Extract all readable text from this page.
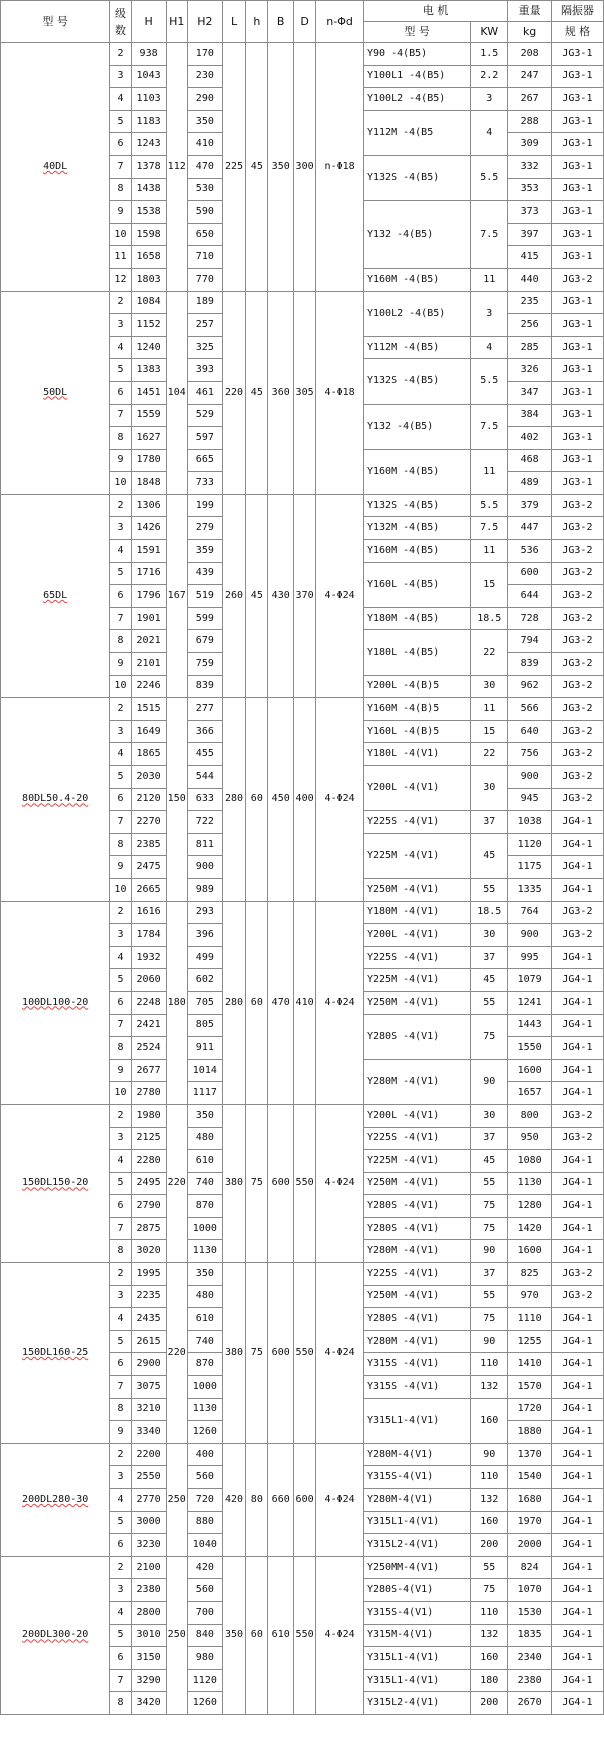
型 号	级数	H	H1	H2	L	h	B	D	n-Φd	电 机		重量	隔振器
										型 号	KW	kg	规 格
40DL	2	938	112	170	225	45	350	300	n-Φ18	Y90 -4(B5)	1.5	208	JG3-1
	3	1043		230						Y100L1 -4(B5)	2.2	247	JG3-1
	4	1103		290						Y100L2 -4(B5)	3	267	JG3-1
	5	1183		350						Y112M -4(B5	4	288	JG3-1
	6	1243		410								309	JG3-1
	7	1378		470						Y132S -4(B5)	5.5	332	JG3-1
	8	1438		530								353	JG3-1
	9	1538		590						Y132 -4(B5)	7.5	373	JG3-1
	10	1598		650								397	JG3-1
	11	1658		710								415	JG3-1
	12	1803		770						Y160M -4(B5)	11	440	JG3-2
50DL	2	1084	104	189	220	45	360	305	4-Φ18	Y100L2 -4(B5)	3	235	JG3-1
	3	1152		257								256	JG3-1
	4	1240		325						Y112M -4(B5)	4	285	JG3-1
	5	1383		393						Y132S -4(B5)	5.5	326	JG3-1
	6	1451		461								347	JG3-1
	7	1559		529						Y132 -4(B5)	7.5	384	JG3-1
	8	1627		597								402	JG3-1
	9	1780		665						Y160M -4(B5)	11	468	JG3-1
	10	1848		733								489	JG3-1
65DL	2	1306	167	199	260	45	430	370	4-Φ24	Y132S -4(B5)	5.5	379	JG3-2
	3	1426		279						Y132M -4(B5)	7.5	447	JG3-2
	4	1591		359						Y160M -4(B5)	11	536	JG3-2
	5	1716		439						Y160L -4(B5)	15	600	JG3-2
	6	1796		519								644	JG3-2
	7	1901		599						Y180M -4(B5)	18.5	728	JG3-2
	8	2021		679						Y180L -4(B5)	22	794	JG3-2
	9	2101		759								839	JG3-2
	10	2246		839						Y200L -4(B)5	30	962	JG3-2
80DL50.4-20	2	1515	150	277	280	60	450	400	4-Φ24	Y160M -4(B)5	11	566	JG3-2
	3	1649		366						Y160L -4(B)5	15	640	JG3-2
	4	1865		455						Y180L -4(V1)	22	756	JG3-2
	5	2030		544						Y200L -4(V1)	30	900	JG3-2
	6	2120		633								945	JG3-2
	7	2270		722						Y225S -4(V1)	37	1038	JG4-1
	8	2385		811						Y225M -4(V1)	45	1120	JG4-1
	9	2475		900								1175	JG4-1
	10	2665		989						Y250M -4(V1)	55	1335	JG4-1
100DL100-20	2	1616	180	293	280	60	470	410	4-Φ24	Y180M -4(V1)	18.5	764	JG3-2
	3	1784		396						Y200L -4(V1)	30	900	JG3-2
	4	1932		499						Y225S -4(V1)	37	995	JG4-1
	5	2060		602						Y225M -4(V1)	45	1079	JG4-1
	6	2248		705						Y250M -4(V1)	55	1241	JG4-1
	7	2421		805						Y280S -4(V1)	75	1443	JG4-1
	8	2524		911								1550	JG4-1
	9	2677		1014						Y280M -4(V1)	90	1600	JG4-1
	10	2780		1117								1657	JG4-1
150DL150-20	2	1980	220	350	380	75	600	550	4-Φ24	Y200L -4(V1)	30	800	JG3-2
	3	2125		480						Y225S -4(V1)	37	950	JG3-2
	4	2280		610						Y225M -4(V1)	45	1080	JG4-1
	5	2495		740						Y250M -4(V1)	55	1130	JG4-1
	6	2790		870						Y280S -4(V1)	75	1280	JG4-1
	7	2875		1000						Y280S -4(V1)	75	1420	JG4-1
	8	3020		1130						Y280M -4(V1)	90	1600	JG4-1
150DL160-25	2	1995	220	350	380	75	600	550	4-Φ24	Y225S -4(V1)	37	825	JG3-2
	3	2235		480						Y250M -4(V1)	55	970	JG3-2
	4	2435		610						Y280S -4(V1)	75	1110	JG4-1
	5	2615		740						Y280M -4(V1)	90	1255	JG4-1
	6	2900		870						Y315S -4(V1)	110	1410	JG4-1
	7	3075		1000						Y315S -4(V1)	132	1570	JG4-1
	8	3210		1130						Y315L1-4(V1)	160	1720	JG4-1
	9	3340		1260								1880	JG4-1
200DL280-30	2	2200	250	400	420	80	660	600	4-Φ24	Y280M-4(V1)	90	1370	JG4-1
	3	2550		560						Y315S-4(V1)	110	1540	JG4-1
	4	2770		720						Y280M-4(V1)	132	1680	JG4-1
	5	3000		880						Y315L1-4(V1)	160	1970	JG4-1
	6	3230		1040						Y315L2-4(V1)	200	2000	JG4-1
200DL300-20	2	2100	250	420	350	60	610	550	4-Φ24	Y250MM-4(V1)	55	824	JG4-1
	3	2380		560						Y280S-4(V1)	75	1070	JG4-1
	4	2800		700						Y315S-4(V1)	110	1530	JG4-1
	5	3010		840						Y315M-4(V1)	132	1835	JG4-1
	6	3150		980						Y315L1-4(V1)	160	2340	JG4-1
	7	3290		1120						Y315L1-4(V1)	180	2380	JG4-1
	8	3420		1260						Y315L2-4(V1)	200	2670	JG4-1
